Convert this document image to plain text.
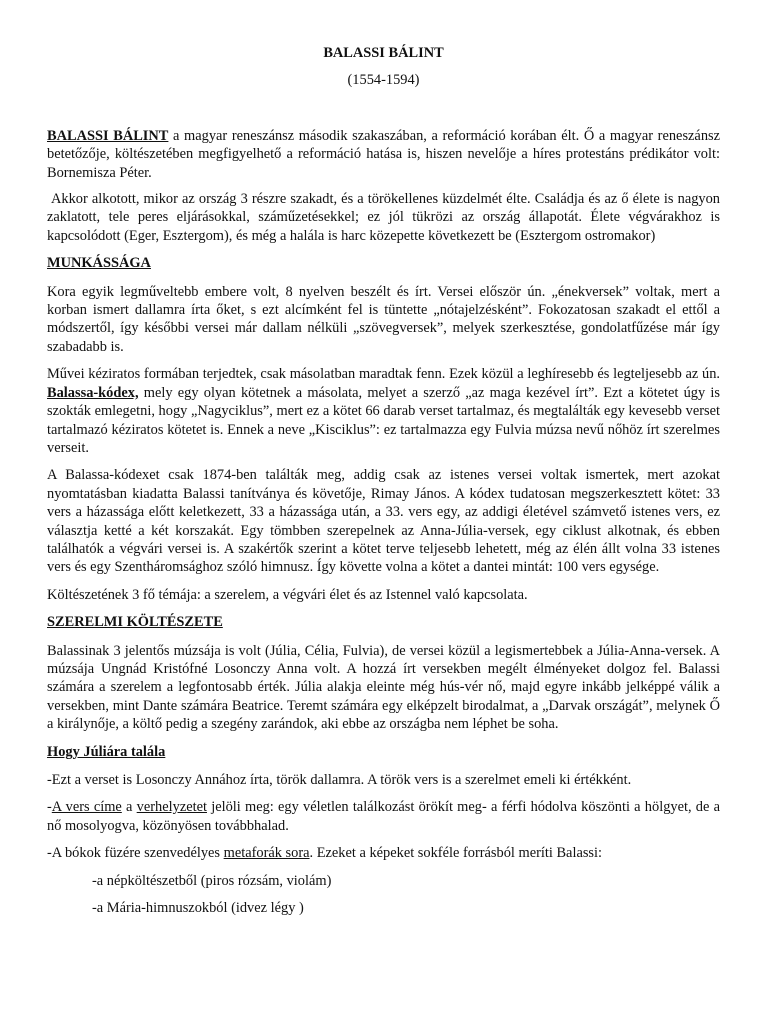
BALASSI BÁLINT
(1554-1594)

BALASSI BÁLINT a magyar reneszánsz második szakaszában, a reformáció korában élt. Ő a magyar reneszánsz betetőzője, költészetében megfigyelhető a reformáció hatása is, hiszen nevelője a híres protestáns prédikátor volt: Bornemisza Péter.

Akkor alkotott, mikor az ország 3 részre szakadt, és a törökellenes küzdelmét élte. Családja és az ő élete is nagyon zaklatott, tele peres eljárásokkal, száműzetésekkel; ez jól tükrözi az ország állapotát. Élete végvárakhoz is kapcsolódott (Eger, Esztergom), és még a halála is harc közepette következett be (Esztergom ostromakor)

MUNKÁSSÁGA

Kora egyik legműveltebb embere volt, 8 nyelven beszélt és írt. Versei először ún. „énekversek” voltak, mert a korban ismert dallamra írta őket, s ezt alcímként fel is tüntette „nótajelzésként”. Fokozatosan szakadt el ettől a módszertől, így későbbi versei már dallam nélküli „szövegversek”, melyek szerkesztése, gondolatfűzése már így szabadabb is.

Művei kéziratos formában terjedtek, csak másolatban maradtak fenn. Ezek közül a leghíresebb és legteljesebb az ún. Balassa-kódex, mely egy olyan kötetnek a másolata, melyet a szerző „az maga kezével írt”. Ezt a kötetet úgy is szokták emlegetni, hogy „Nagyciklus”, mert ez a kötet 66 darab verset tartalmaz, és megtalálták egy kevesebb verset tartalmazó kéziratos kötetet is. Ennek a neve „Kisciklus”: ez tartalmazza egy Fulvia múzsa nevű nőhöz írt szerelmes verseit.

A Balassa-kódexet csak 1874-ben találták meg, addig csak az istenes versei voltak ismertek, mert azokat nyomtatásban kiadatta Balassi tanítványa és követője, Rimay János. A kódex tudatosan megszerkesztett kötet: 33 vers a házassága előtt keletkezett, 33 a házassága után, a 33. vers egy, az addigi életével számvető istenes vers, ez választja ketté a két korszakát. Egy tömbben szerepelnek az Anna-Júlia-versek, egy ciklust alkotnak, és ebben találhatók a végvári versei is. A szakértők szerint a kötet terve teljesebb lehetett, még az élén állt volna 33 istenes vers és egy Szentháromsághoz szóló himnusz. Így követte volna a kötet a dantei mintát: 100 vers egysége.

Költészetének 3 fő témája: a szerelem, a végvári élet és az Istennel való kapcsolata.

SZERELMI KÖLTÉSZETE

Balassinak 3 jelentős múzsája is volt (Júlia, Célia, Fulvia), de versei közül a legismertebbek a Júlia-Anna-versek. A múzsája Ungnád Kristófné Losonczy Anna volt. A hozzá írt versekben megélt élményeket dolgoz fel. Balassi számára a szerelem a legfontosabb érték. Júlia alakja eleinte még hús-vér nő, majd egyre inkább jelképpé válik a versekben, mint Dante számára Beatrice. Teremt számára egy elképzelt birodalmat, a „Darvak országát”, melynek Ő a királynője, a költő pedig a szegény zarándok, aki ebbe az országba nem léphet be soha.

Hogy Júliára talála

-Ezt a verset is Losonczy Annához írta, török dallamra. A török vers is a szerelmet emeli ki értékként.

-A vers címe a verhelyzetet jelöli meg: egy véletlen találkozást örökít meg- a férfi hódolva köszönti a hölgyet, de a nő mosolyogva, közönyösen továbbhalad.

-A bókok füzére szenvedélyes metaforák sora. Ezeket a képeket sokféle forrásból meríti Balassi:

-a népköltészetből (piros rózsám, violám)

-a Mária-himnuszokból (idvez légy )
